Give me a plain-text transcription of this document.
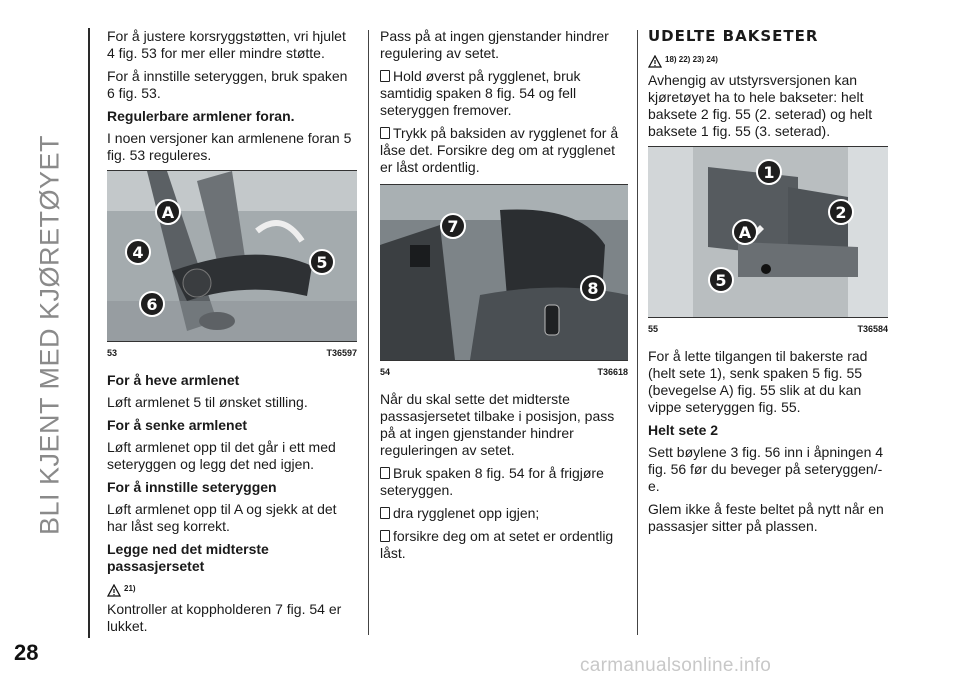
BLI KJENT MED KJØRETØYET
28
carmanualsonline.info

For å justere korsryggstøtten, vri hjulet 4 fig. 53 for mer eller mindre støtte.

For å innstille seteryggen, bruk spaken 6 fig. 53.

Regulerbare armlener foran.

I noen versjoner kan armlenene foran 5 fig. 53 reguleres.

A
4
5
6
53	T36597
For å heve armlenet

Løft armlenet 5 til ønsket stilling.

For å senke armlenet

Løft armlenet opp til det går i ett med seteryggen og legg det ned igjen.

For å innstille seteryggen

Løft armlenet opp til A og sjekk at det har låst seg korrekt.

Legge ned det midterste passasjersetet
21)

Kontroller at koppholderen 7 fig. 54 er lukket.

Pass på at ingen gjenstander hindrer regulering av setet.

Hold øverst på rygglenet, bruk samtidig spaken 8 fig. 54 og fell seteryggen fremover.

Trykk på baksiden av rygglenet for å låse det. Forsikre deg om at rygglenet er låst ordentlig.

7
8
54	T36618

Når du skal sette det midterste passasjersetet tilbake i posisjon, pass på at ingen gjenstander hindrer reguleringen av setet.

Bruk spaken 8 fig. 54 for å frigjøre seteryggen.

dra rygglenet opp igjen;

forsikre deg om at setet er ordentlig låst.

UDELTE BAKSETER
18) 22) 23) 24)

Avhengig av utstyrsversjonen kan kjøretøyet ha to hele bakseter: helt baksete 2 fig. 55 (2. seterad) og helt baksete 1 fig. 55 (3. seterad).

1
2
A
5
55	T36584

For å lette tilgangen til bakerste rad (helt sete 1), senk spaken 5 fig. 55 (bevegelse A) fig. 55 slik at du kan vippe seteryggen fig. 55.

Helt sete 2

Sett bøylene 3 fig. 56 inn i åpningen 4 fig. 56 før du beveger på seteryggen/-e.

Glem ikke å feste beltet på nytt når en passasjer sitter på plassen.
